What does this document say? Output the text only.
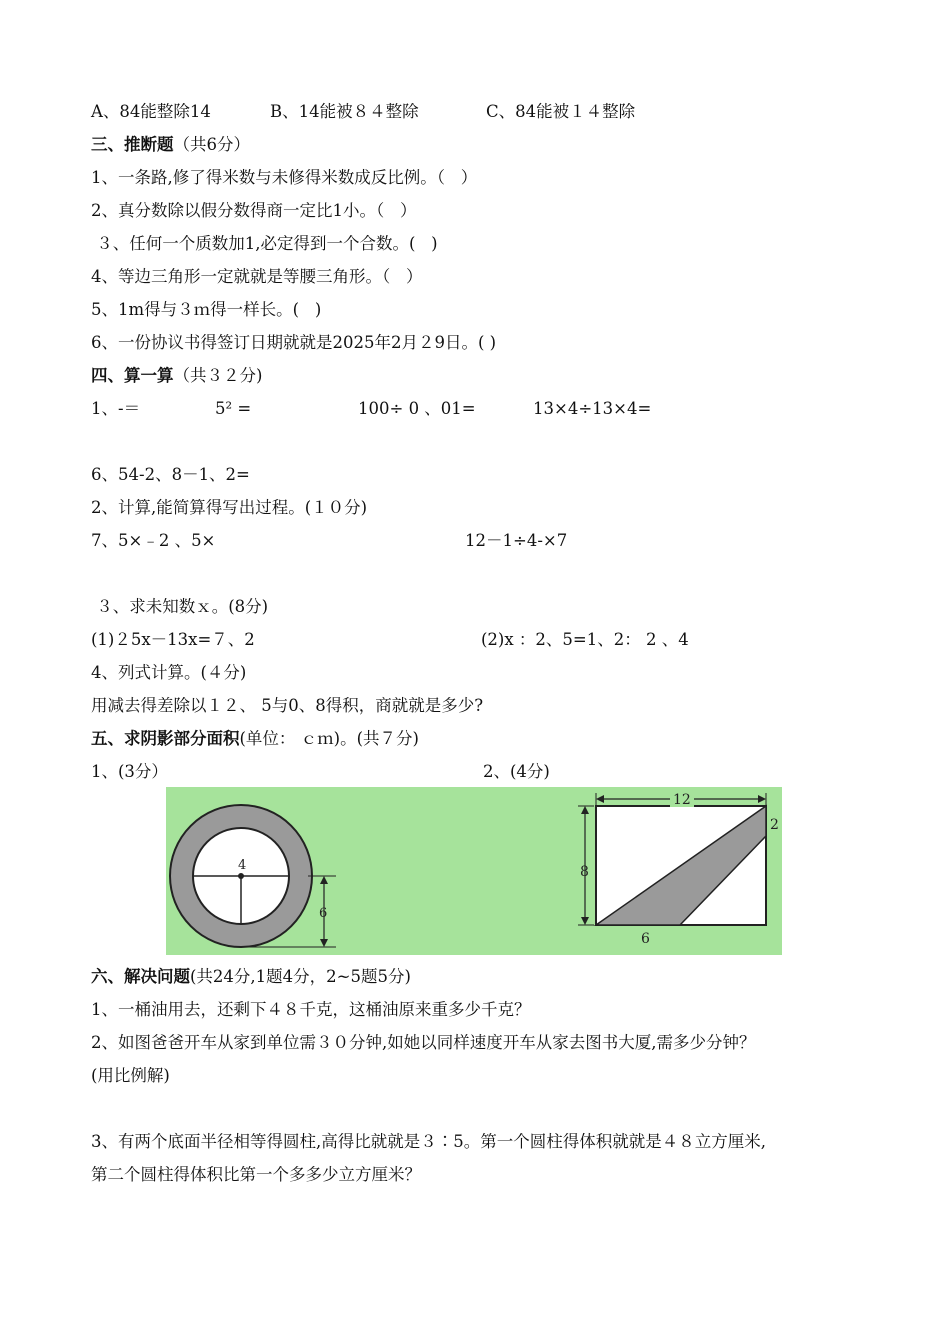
A、84能整除14	B、14能被８４整除	C、84能被１４整除
三、推断题（共6分）
1、一条路,修了得米数与未修得米数成反比例。（   ）
2、真分数除以假分数得商一定比1小。（   ）
３、任何一个质数加1,必定得到一个合数。(   )
4、等边三角形一定就就是等腰三角形。（   ）
5、1m得与３ｍ得一样长。(   )
6、一份协议书得签订日期就就是2025年2月２9日。( )
四、算一算（共３２分)
1、-＝	5² =	100÷ 0 、01=	13×4÷13×4=
6、54-2、8－1、2=
2、计算,能简算得写出过程。(１０分)
7、5×﹣2 、5×	12－1÷4-×7
３、求未知数ｘ。(8分)
(1)２5x－13x=７、2	(2)x ：2、5=1、2： 2 、4
4、列式计算。(４分)
用减去得差除以１２、 5与0、8得积，商就就是多少?
五、求阴影部分面积(单位： ｃｍ)。(共７分)
1、(3分）	2、(4分)
4
6
12
8
2
6
六、解决问题(共24分,1题4分，2~5题5分)
1、一桶油用去，还剩下４８千克，这桶油原来重多少千克？
2、如图爸爸开车从家到单位需３０分钟,如她以同样速度开车从家去图书大厦,需多少分钟？
(用比例解)
3、有两个底面半径相等得圆柱,高得比就就是３∶5。第一个圆柱得体积就就是４８立方厘米,
第二个圆柱得体积比第一个多多少立方厘米？
